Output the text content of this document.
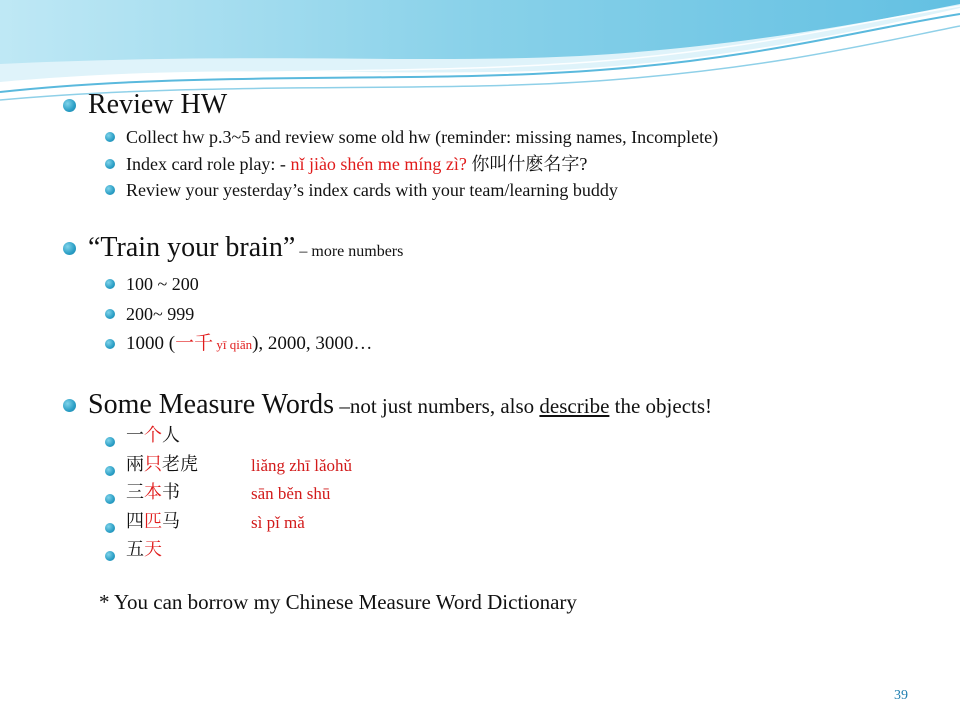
Review HW
Collect hw p.3~5 and review some old hw (reminder: missing names, Incomplete)
Index card role play: - nǐ jiào shén me míng zì? 你叫什麽名字?
Review your yesterday’s index cards with your team/learning buddy
“Train your brain” – more numbers
100 ~ 200
200~ 999
1000 (一千 yī qiān), 2000, 3000…
Some Measure Words –not just numbers, also describe the objects!
一个人
兩只老虎	liǎng zhī lǎohǔ
三本书	sān běn shū
四匹马	sì pǐ mǎ
五天
* You can borrow my Chinese Measure Word Dictionary
39
